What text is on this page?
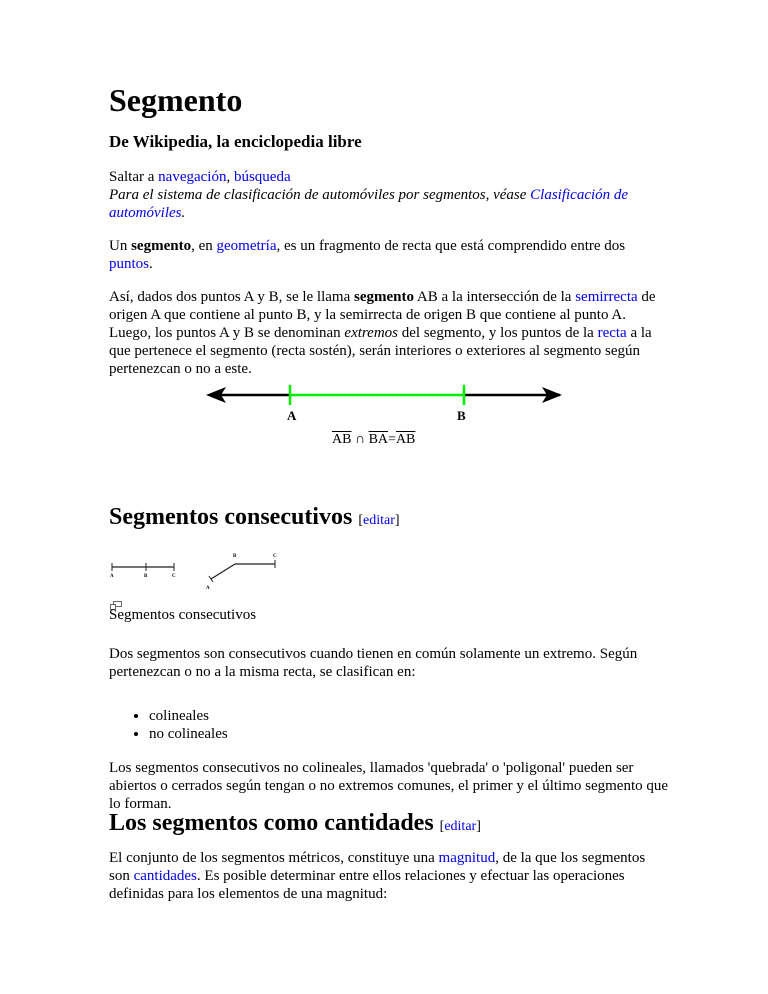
Segmento
De Wikipedia, la enciclopedia libre
Saltar a navegación, búsqueda
Para el sistema de clasificación de automóviles por segmentos, véase Clasificación de automóviles.
Un segmento, en geometría, es un fragmento de recta que está comprendido entre dos puntos.
Así, dados dos puntos A y B, se le llama segmento AB a la intersección de la semirrecta de origen A que contiene al punto B, y la semirrecta de origen B que contiene al punto A. Luego, los puntos A y B se denominan extremos del segmento, y los puntos de la recta a la que pertenece el segmento (recta sostén), serán interiores o exteriores al segmento según pertenezcan o no a este.
A	B
$\overline{AB}$ ∩ $\overline{BA}=\overline{AB}$
Segmentos consecutivos [editar]
A	B	C
A
B	C
Segmentos consecutivos
Dos segmentos son consecutivos cuando tienen en común solamente un extremo. Según pertenezcan o no a la misma recta, se clasifican en:
• colineales
• no colineales
Los segmentos consecutivos no colineales, llamados 'quebrada' o 'poligonal' pueden ser abiertos o cerrados según tengan o no extremos comunes, el primer y el último segmento que lo forman.
Los segmentos como cantidades [editar]
El conjunto de los segmentos métricos, constituye una magnitud, de la que los segmentos son cantidades. Es posible determinar entre ellos relaciones y efectuar las operaciones definidas para los elementos de una magnitud:
